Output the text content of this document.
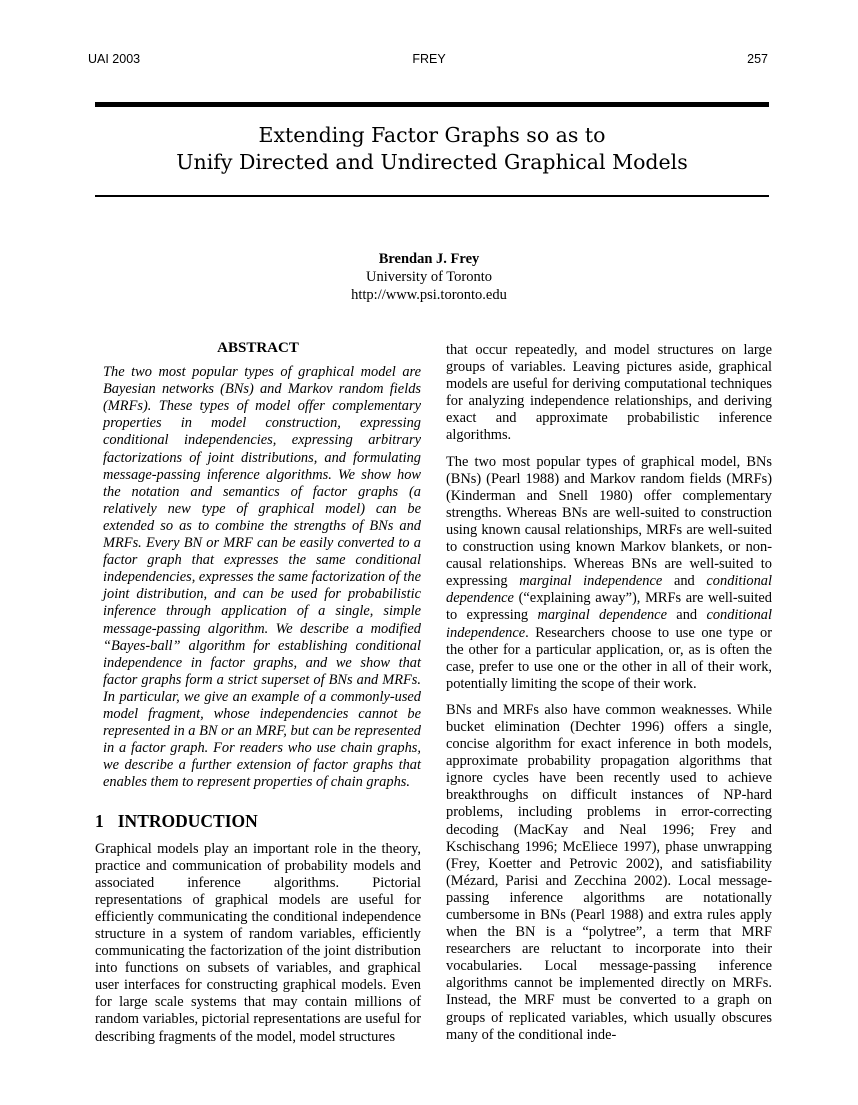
UAI 2003	FREY	257
Extending Factor Graphs so as to
Unify Directed and Undirected Graphical Models
Brendan J. Frey
University of Toronto
http://www.psi.toronto.edu
ABSTRACT
The two most popular types of graphical model are Bayesian networks (BNs) and Markov random fields (MRFs). These types of model offer complementary properties in model construction, expressing conditional independencies, expressing arbitrary factorizations of joint distributions, and formulating message-passing inference algorithms. We show how the notation and semantics of factor graphs (a relatively new type of graphical model) can be extended so as to combine the strengths of BNs and MRFs. Every BN or MRF can be easily converted to a factor graph that expresses the same conditional independencies, expresses the same factorization of the joint distribution, and can be used for probabilistic inference through application of a single, simple message-passing algorithm. We describe a modified “Bayes-ball” algorithm for establishing conditional independence in factor graphs, and we show that factor graphs form a strict superset of BNs and MRFs. In particular, we give an example of a commonly-used model fragment, whose independencies cannot be represented in a BN or an MRF, but can be represented in a factor graph. For readers who use chain graphs, we describe a further extension of factor graphs that enables them to represent properties of chain graphs.
1 INTRODUCTION
Graphical models play an important role in the theory, practice and communication of probability models and associated inference algorithms. Pictorial representations of graphical models are useful for efficiently communicating the conditional independence structure in a system of random variables, efficiently communicating the factorization of the joint distribution into functions on subsets of variables, and graphical user interfaces for constructing graphical models. Even for large scale systems that may contain millions of random variables, pictorial representations are useful for describing fragments of the model, model structures
that occur repeatedly, and model structures on large groups of variables. Leaving pictures aside, graphical models are useful for deriving computational techniques for analyzing independence relationships, and deriving exact and approximate probabilistic inference algorithms.
The two most popular types of graphical model, BNs (BNs) (Pearl 1988) and Markov random fields (MRFs) (Kinderman and Snell 1980) offer complementary strengths. Whereas BNs are well-suited to construction using known causal relationships, MRFs are well-suited to construction using known Markov blankets, or non-causal relationships. Whereas BNs are well-suited to expressing marginal independence and conditional dependence (“explaining away”), MRFs are well-suited to expressing marginal dependence and conditional independence. Researchers choose to use one type or the other for a particular application, or, as is often the case, prefer to use one or the other in all of their work, potentially limiting the scope of their work.
BNs and MRFs also have common weaknesses. While bucket elimination (Dechter 1996) offers a single, concise algorithm for exact inference in both models, approximate probability propagation algorithms that ignore cycles have been recently used to achieve breakthroughs on difficult instances of NP-hard problems, including problems in error-correcting decoding (MacKay and Neal 1996; Frey and Kschischang 1996; McEliece 1997), phase unwrapping (Frey, Koetter and Petrovic 2002), and satisfiability (Mézard, Parisi and Zecchina 2002). Local message-passing inference algorithms are notationally cumbersome in BNs (Pearl 1988) and extra rules apply when the BN is a “polytree”, a term that MRF researchers are reluctant to incorporate into their vocabularies. Local message-passing inference algorithms cannot be implemented directly on MRFs. Instead, the MRF must be converted to a graph on groups of replicated variables, which usually obscures many of the conditional inde-
